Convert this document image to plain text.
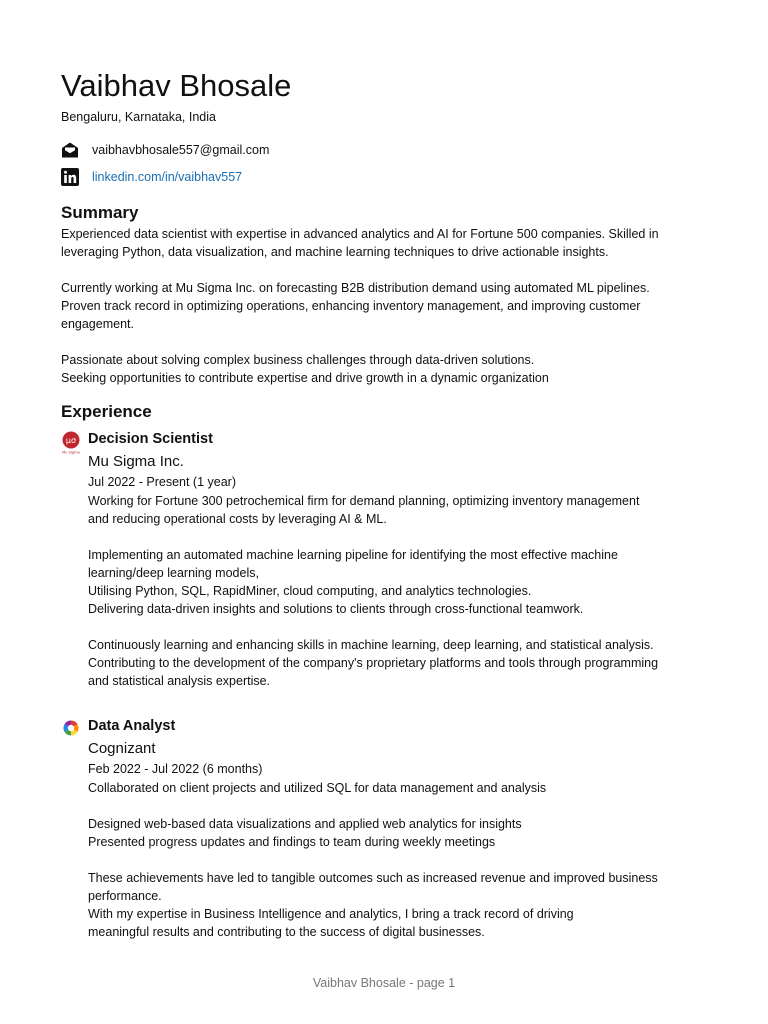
Vaibhav Bhosale
Bengaluru, Karnataka, India
vaibhavbhosale557@gmail.com
linkedin.com/in/vaibhav557
Summary
Experienced data scientist with expertise in advanced analytics and AI for Fortune 500 companies. Skilled in
leveraging Python, data visualization, and machine learning techniques to drive actionable insights.
Currently working at Mu Sigma Inc. on forecasting B2B distribution demand using automated ML pipelines.
Proven track record in optimizing operations, enhancing inventory management, and improving customer
engagement.
Passionate about solving complex business challenges through data-driven solutions.
Seeking opportunities to contribute expertise and drive growth in a dynamic organization
Experience
μσ
Mu Sigma
Decision Scientist
Mu Sigma Inc.
Jul 2022 - Present (1 year)
Working for Fortune 300 petrochemical firm for demand planning, optimizing inventory management
and reducing operational costs by leveraging AI & ML.
Implementing an automated machine learning pipeline for identifying the most effective machine
learning/deep learning models,
Utilising Python, SQL, RapidMiner, cloud computing, and analytics technologies.
Delivering data-driven insights and solutions to clients through cross-functional teamwork.
Continuously learning and enhancing skills in machine learning, deep learning, and statistical analysis.
Contributing to the development of the company's proprietary platforms and tools through programming
and statistical analysis expertise.
Data Analyst
Cognizant
Feb 2022 - Jul 2022 (6 months)
Collaborated on client projects and utilized SQL for data management and analysis
Designed web-based data visualizations and applied web analytics for insights
Presented progress updates and findings to team during weekly meetings
These achievements have led to tangible outcomes such as increased revenue and improved business
performance.
With my expertise in Business Intelligence and analytics, I bring a track record of driving
meaningful results and contributing to the success of digital businesses.
Vaibhav Bhosale - page 1
